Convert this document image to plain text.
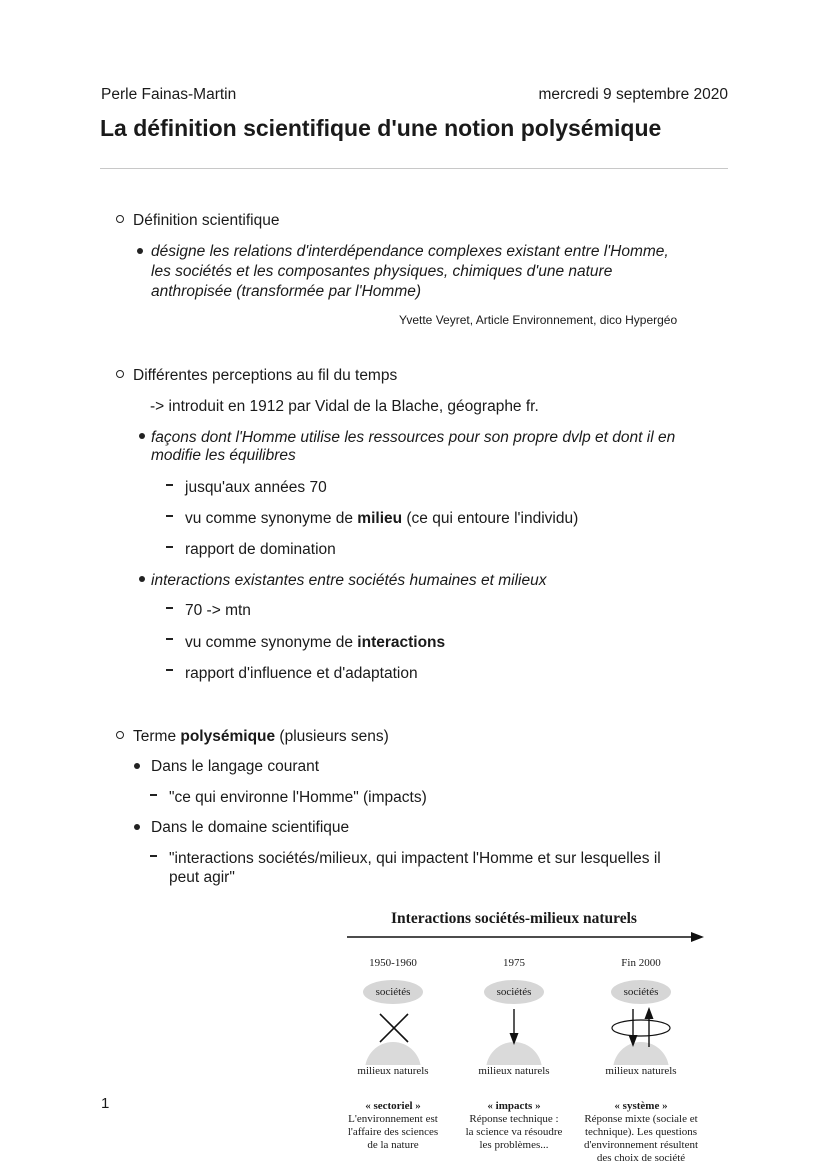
Perle Fainas-Martin	mercredi 9 septembre 2020
La définition scientifique d'une notion polysémique
Définition scientifique
désigne les relations d'interdépendance complexes existant entre l'Homme,
les sociétés et les composantes physiques, chimiques d'une nature
anthropisée (transformée par l'Homme)
Yvette Veyret, Article Environnement, dico Hypergéo
Différentes perceptions au fil du temps
-> introduit en 1912 par Vidal de la Blache, géographe fr.
façons dont l'Homme utilise les ressources pour son propre dvlp et dont il en
modifie les équilibres
jusqu'aux années 70
vu comme synonyme de milieu (ce qui entoure l'individu)
rapport de domination
interactions existantes entre sociétés humaines et milieux
70 -> mtn
vu comme synonyme de interactions
rapport d'influence et d'adaptation
Terme polysémique (plusieurs sens)
Dans le langage courant
"ce qui environne l'Homme" (impacts)
Dans le domaine scientifique
"interactions sociétés/milieux, qui impactent l'Homme et sur lesquelles il
peut agir"
Interactions sociétés-milieux naturels
1950-1960	1975	Fin 2000
sociétés	sociétés	sociétés
milieux naturels	milieux naturels	milieux naturels
« sectoriel »
L'environnement est
l'affaire des sciences
de la nature
« impacts »
Réponse technique :
la science va résoudre
les problèmes...
« système »
Réponse mixte (sociale et
technique). Les questions
d'environnement résultent
des choix de société
1
